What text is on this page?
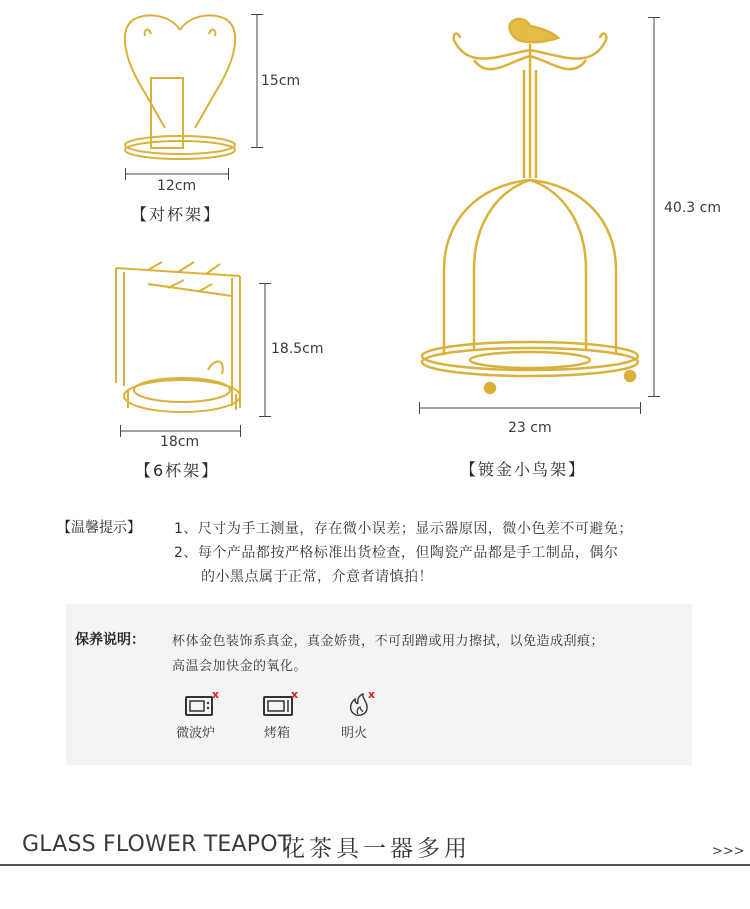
15cm
12cm
【对杯架】
18.5cm
18cm
【6杯架】
40.3 cm
23 cm
【镀金小鸟架】
【温馨提示】 1、尺寸为手工测量，存在微小误差；显示器原因，微小色差不可避免；
2、每个产品都按严格标准出货检查，但陶瓷产品都是手工制品，偶尔
的小黑点属于正常，介意者请慎拍！
保养说明： 杯体金色装饰系真金，真金娇贵，不可刮蹭或用力擦拭，以免造成刮痕；
高温会加快金的氧化。
x
微波炉
x
烤箱
x
明火
GLASS FLOWER TEAPOT
花茶具一器多用	>>>
